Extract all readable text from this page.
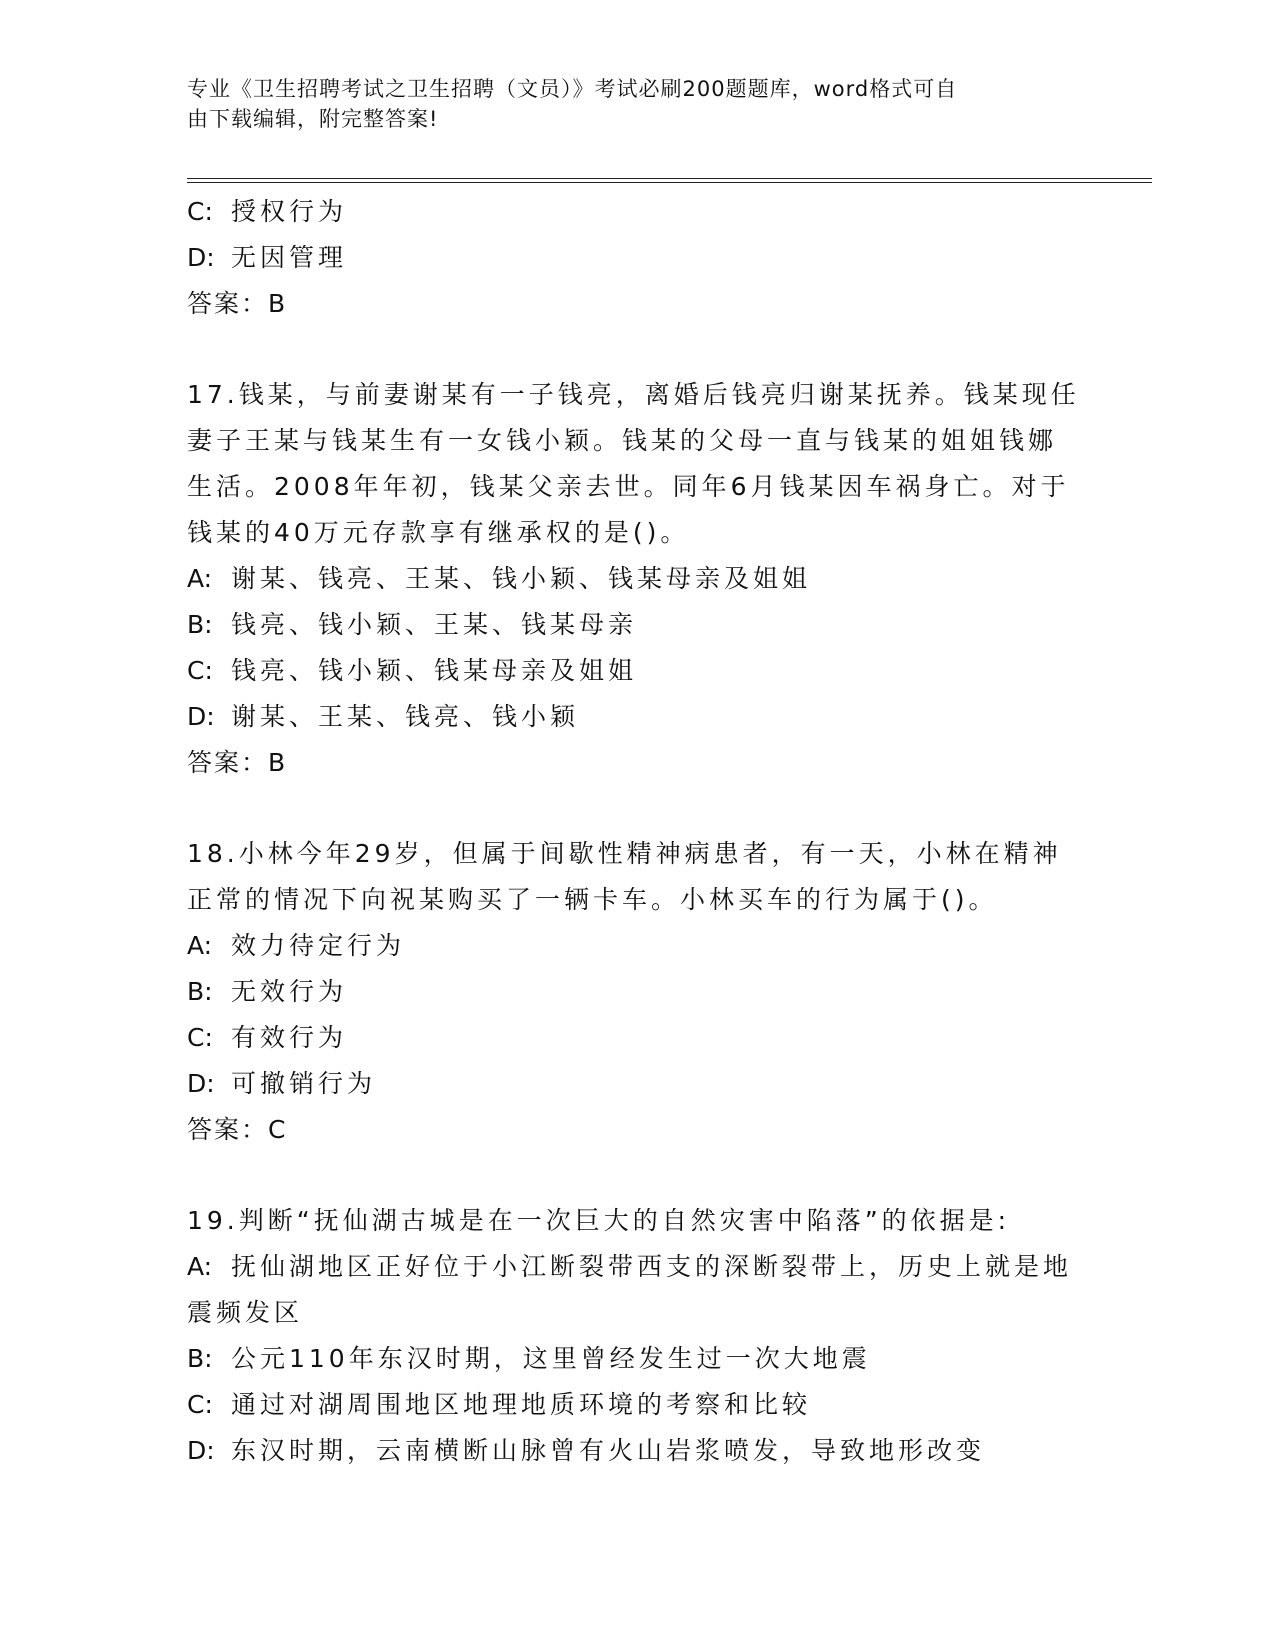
专业《卫生招聘考试之卫生招聘（文员）》考试必刷200题题库，word格式可自
由下载编辑，附完整答案!
C: 授权行为
D: 无因管理
答案：B
17.钱某，与前妻谢某有一子钱亮，离婚后钱亮归谢某抚养。钱某现任
妻子王某与钱某生有一女钱小颖。钱某的父母一直与钱某的姐姐钱娜
生活。2008年年初，钱某父亲去世。同年6月钱某因车祸身亡。对于
钱某的40万元存款享有继承权的是()。
A: 谢某、钱亮、王某、钱小颖、钱某母亲及姐姐
B: 钱亮、钱小颖、王某、钱某母亲
C: 钱亮、钱小颖、钱某母亲及姐姐
D: 谢某、王某、钱亮、钱小颖
答案：B
18.小林今年29岁，但属于间歇性精神病患者，有一天，小林在精神
正常的情况下向祝某购买了一辆卡车。小林买车的行为属于()。
A: 效力待定行为
B: 无效行为
C: 有效行为
D: 可撤销行为
答案：C
19.判断“抚仙湖古城是在一次巨大的自然灾害中陷落”的依据是:
A: 抚仙湖地区正好位于小江断裂带西支的深断裂带上，历史上就是地
震频发区
B: 公元110年东汉时期，这里曾经发生过一次大地震
C: 通过对湖周围地区地理地质环境的考察和比较
D: 东汉时期，云南横断山脉曾有火山岩浆喷发，导致地形改变
